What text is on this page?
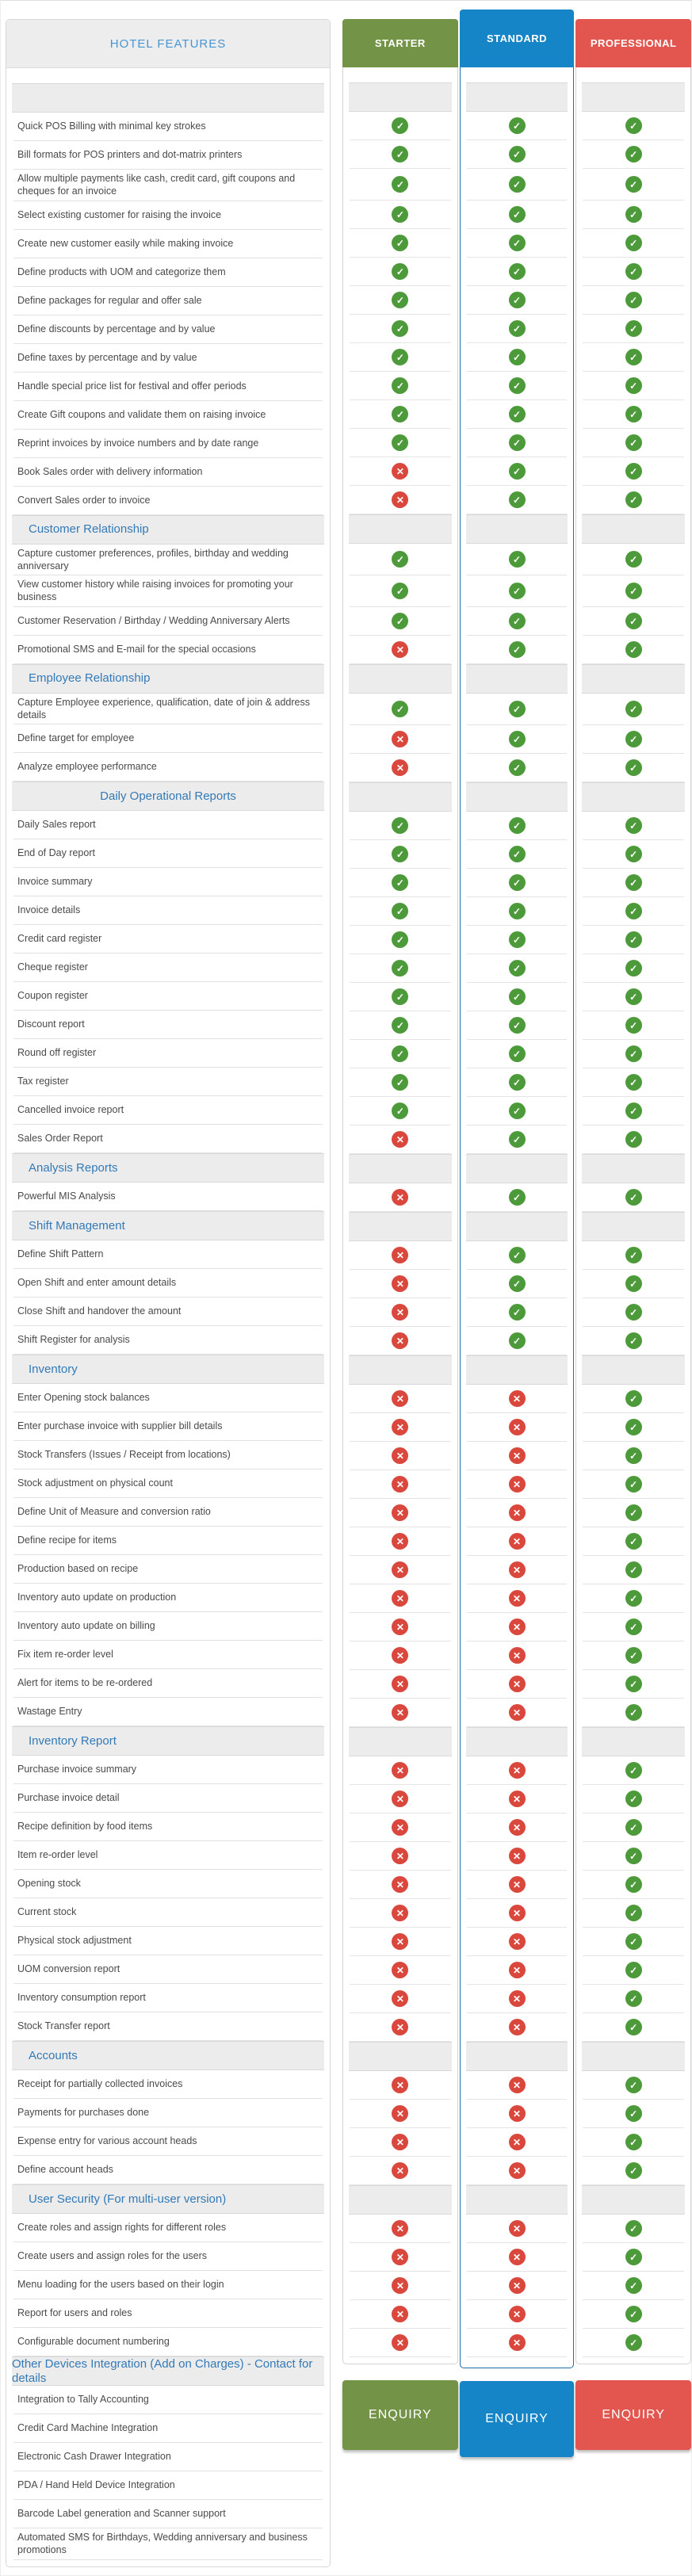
HOTEL FEATURES
Quick POS Billing with minimal key strokes
Bill formats for POS printers and dot-matrix printers
Allow multiple payments like cash, credit card, gift coupons and cheques for an invoice
Select existing customer for raising the invoice
Create new customer easily while making invoice
Define products with UOM and categorize them
Define packages for regular and offer sale
Define discounts by percentage and by value
Define taxes by percentage and by value
Handle special price list for festival and offer periods
Create Gift coupons and validate them on raising invoice
Reprint invoices by invoice numbers and by date range
Book Sales order with delivery information
Convert Sales order to invoice
Customer Relationship
Capture customer preferences, profiles, birthday and wedding anniversary
View customer history while raising invoices for promoting your business
Customer Reservation / Birthday / Wedding Anniversary Alerts
Promotional SMS and E-mail for the special occasions
Employee Relationship
Capture Employee experience, qualification, date of join & address details
Define target for employee
Analyze employee performance
Daily Operational Reports
Daily Sales report
End of Day report
Invoice summary
Invoice details
Credit card register
Cheque register
Coupon register
Discount report
Round off register
Tax register
Cancelled invoice report
Sales Order Report
Analysis Reports
Powerful MIS Analysis
Shift Management
Define Shift Pattern
Open Shift and enter amount details
Close Shift and handover the amount
Shift Register for analysis
Inventory
Enter Opening stock balances
Enter purchase invoice with supplier bill details
Stock Transfers (Issues / Receipt from locations)
Stock adjustment on physical count
Define Unit of Measure and conversion ratio
Define recipe for items
Production based on recipe
Inventory auto update on production
Inventory auto update on billing
Fix item re-order level
Alert for items to be re-ordered
Wastage Entry
Inventory Report
Purchase invoice summary
Purchase invoice detail
Recipe definition by food items
Item re-order level
Opening stock
Current stock
Physical stock adjustment
UOM conversion report
Inventory consumption report
Stock Transfer report
Accounts
Receipt for partially collected invoices
Payments for purchases done
Expense entry for various account heads
Define account heads
User Security (For multi-user version)
Create roles and assign rights for different roles
Create users and assign roles for the users
Menu loading for the users based on their login
Report for users and roles
Configurable document numbering
Other Devices Integration (Add on Charges) - Contact for details
Integration to Tally Accounting
Credit Card Machine Integration
Electronic Cash Drawer Integration
PDA / Hand Held Device Integration
Barcode Label generation and Scanner support
Automated SMS for Birthdays, Wedding anniversary and business promotions
STARTER
✓
✓
✓
✓
✓
✓
✓
✓
✓
✓
✓
✓
✕
✕
✓
✓
✓
✕
✓
✕
✕
✓
✓
✓
✓
✓
✓
✓
✓
✓
✓
✓
✕
✕
✕
✕
✕
✕
✕
✕
✕
✕
✕
✕
✕
✕
✕
✕
✕
✕
✕
✕
✕
✕
✕
✕
✕
✕
✕
✕
✕
✕
✕
✕
✕
✕
✕
✕
✕
ENQUIRY
STANDARD
✓
✓
✓
✓
✓
✓
✓
✓
✓
✓
✓
✓
✓
✓
✓
✓
✓
✓
✓
✓
✓
✓
✓
✓
✓
✓
✓
✓
✓
✓
✓
✓
✓
✓
✓
✓
✓
✓
✕
✕
✕
✕
✕
✕
✕
✕
✕
✕
✕
✕
✕
✕
✕
✕
✕
✕
✕
✕
✕
✕
✕
✕
✕
✕
✕
✕
✕
✕
✕
ENQUIRY
PROFESSIONAL
✓
✓
✓
✓
✓
✓
✓
✓
✓
✓
✓
✓
✓
✓
✓
✓
✓
✓
✓
✓
✓
✓
✓
✓
✓
✓
✓
✓
✓
✓
✓
✓
✓
✓
✓
✓
✓
✓
✓
✓
✓
✓
✓
✓
✓
✓
✓
✓
✓
✓
✓
✓
✓
✓
✓
✓
✓
✓
✓
✓
✓
✓
✓
✓
✓
✓
✓
✓
✓
ENQUIRY
